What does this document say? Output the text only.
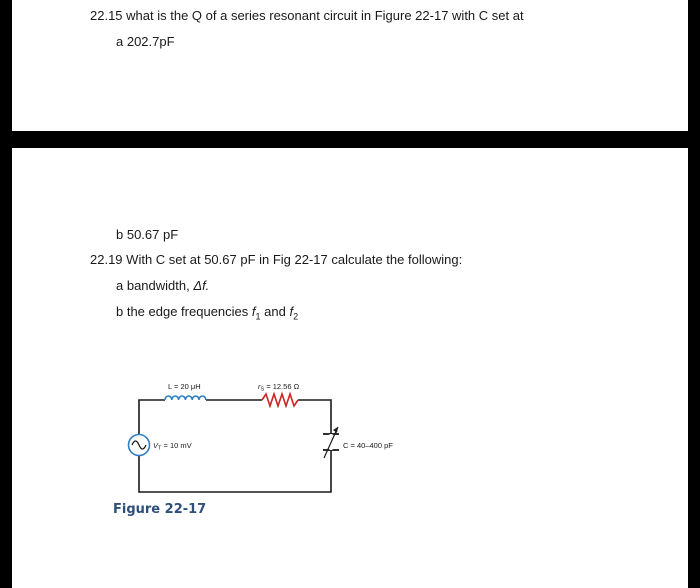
22.15 what is the Q of a series resonant circuit in Figure 22-17 with C set at
a 202.7pF
b 50.67 pF
22.19 With C set at 50.67 pF in Fig 22-17 calculate the following:
a bandwidth, Δf.
b the edge frequencies $f_1$ and $f_2$
L = 20 μH	$r_S = 12.56$ Ω
$V_T = 10$ mV	C = 40–400 pF
Figure 22-17
